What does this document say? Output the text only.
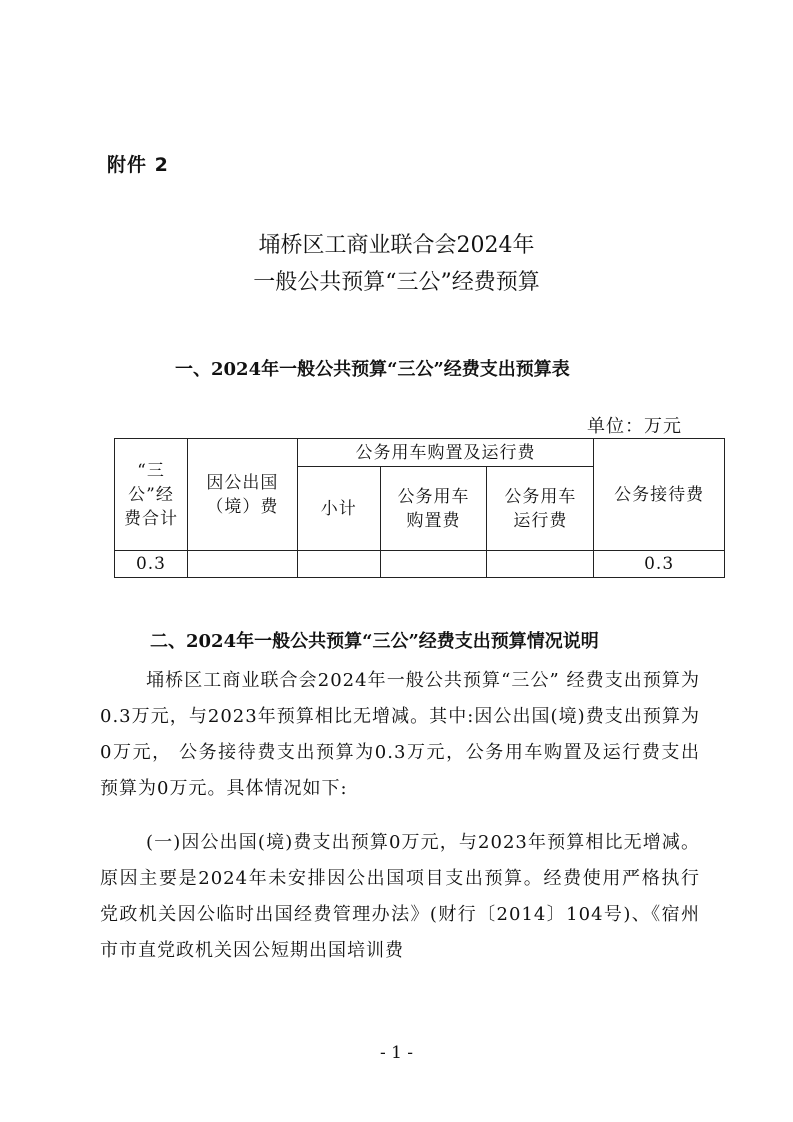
附件 2
埇桥区工商业联合会2024年
一般公共预算“三公”经费预算
一、2024年一般公共预算“三公”经费支出预算表
单位：万元
“三公”经费合计	因公出国（境）费	公务用车购置及运行费			公务接待费
		小计	公务用车购置费	公务用车运行费	
0.3					0.3
二、2024年一般公共预算“三公”经费支出预算情况说明
埇桥区工商业联合会2024年一般公共预算“三公” 经费支出预算为0.3万元，与2023年预算相比无增减。其中:因公出国(境)费支出预算为0万元， 公务接待费支出预算为0.3万元，公务用车购置及运行费支出预算为0万元。具体情况如下:
(一)因公出国(境)费支出预算0万元，与2023年预算相比无增减。原因主要是2024年未安排因公出国项目支出预算。经费使用严格执行党政机关因公临时出国经费管理办法》(财行〔2014〕104号)、《宿州市市直党政机关因公短期出国培训费
- 1 -
